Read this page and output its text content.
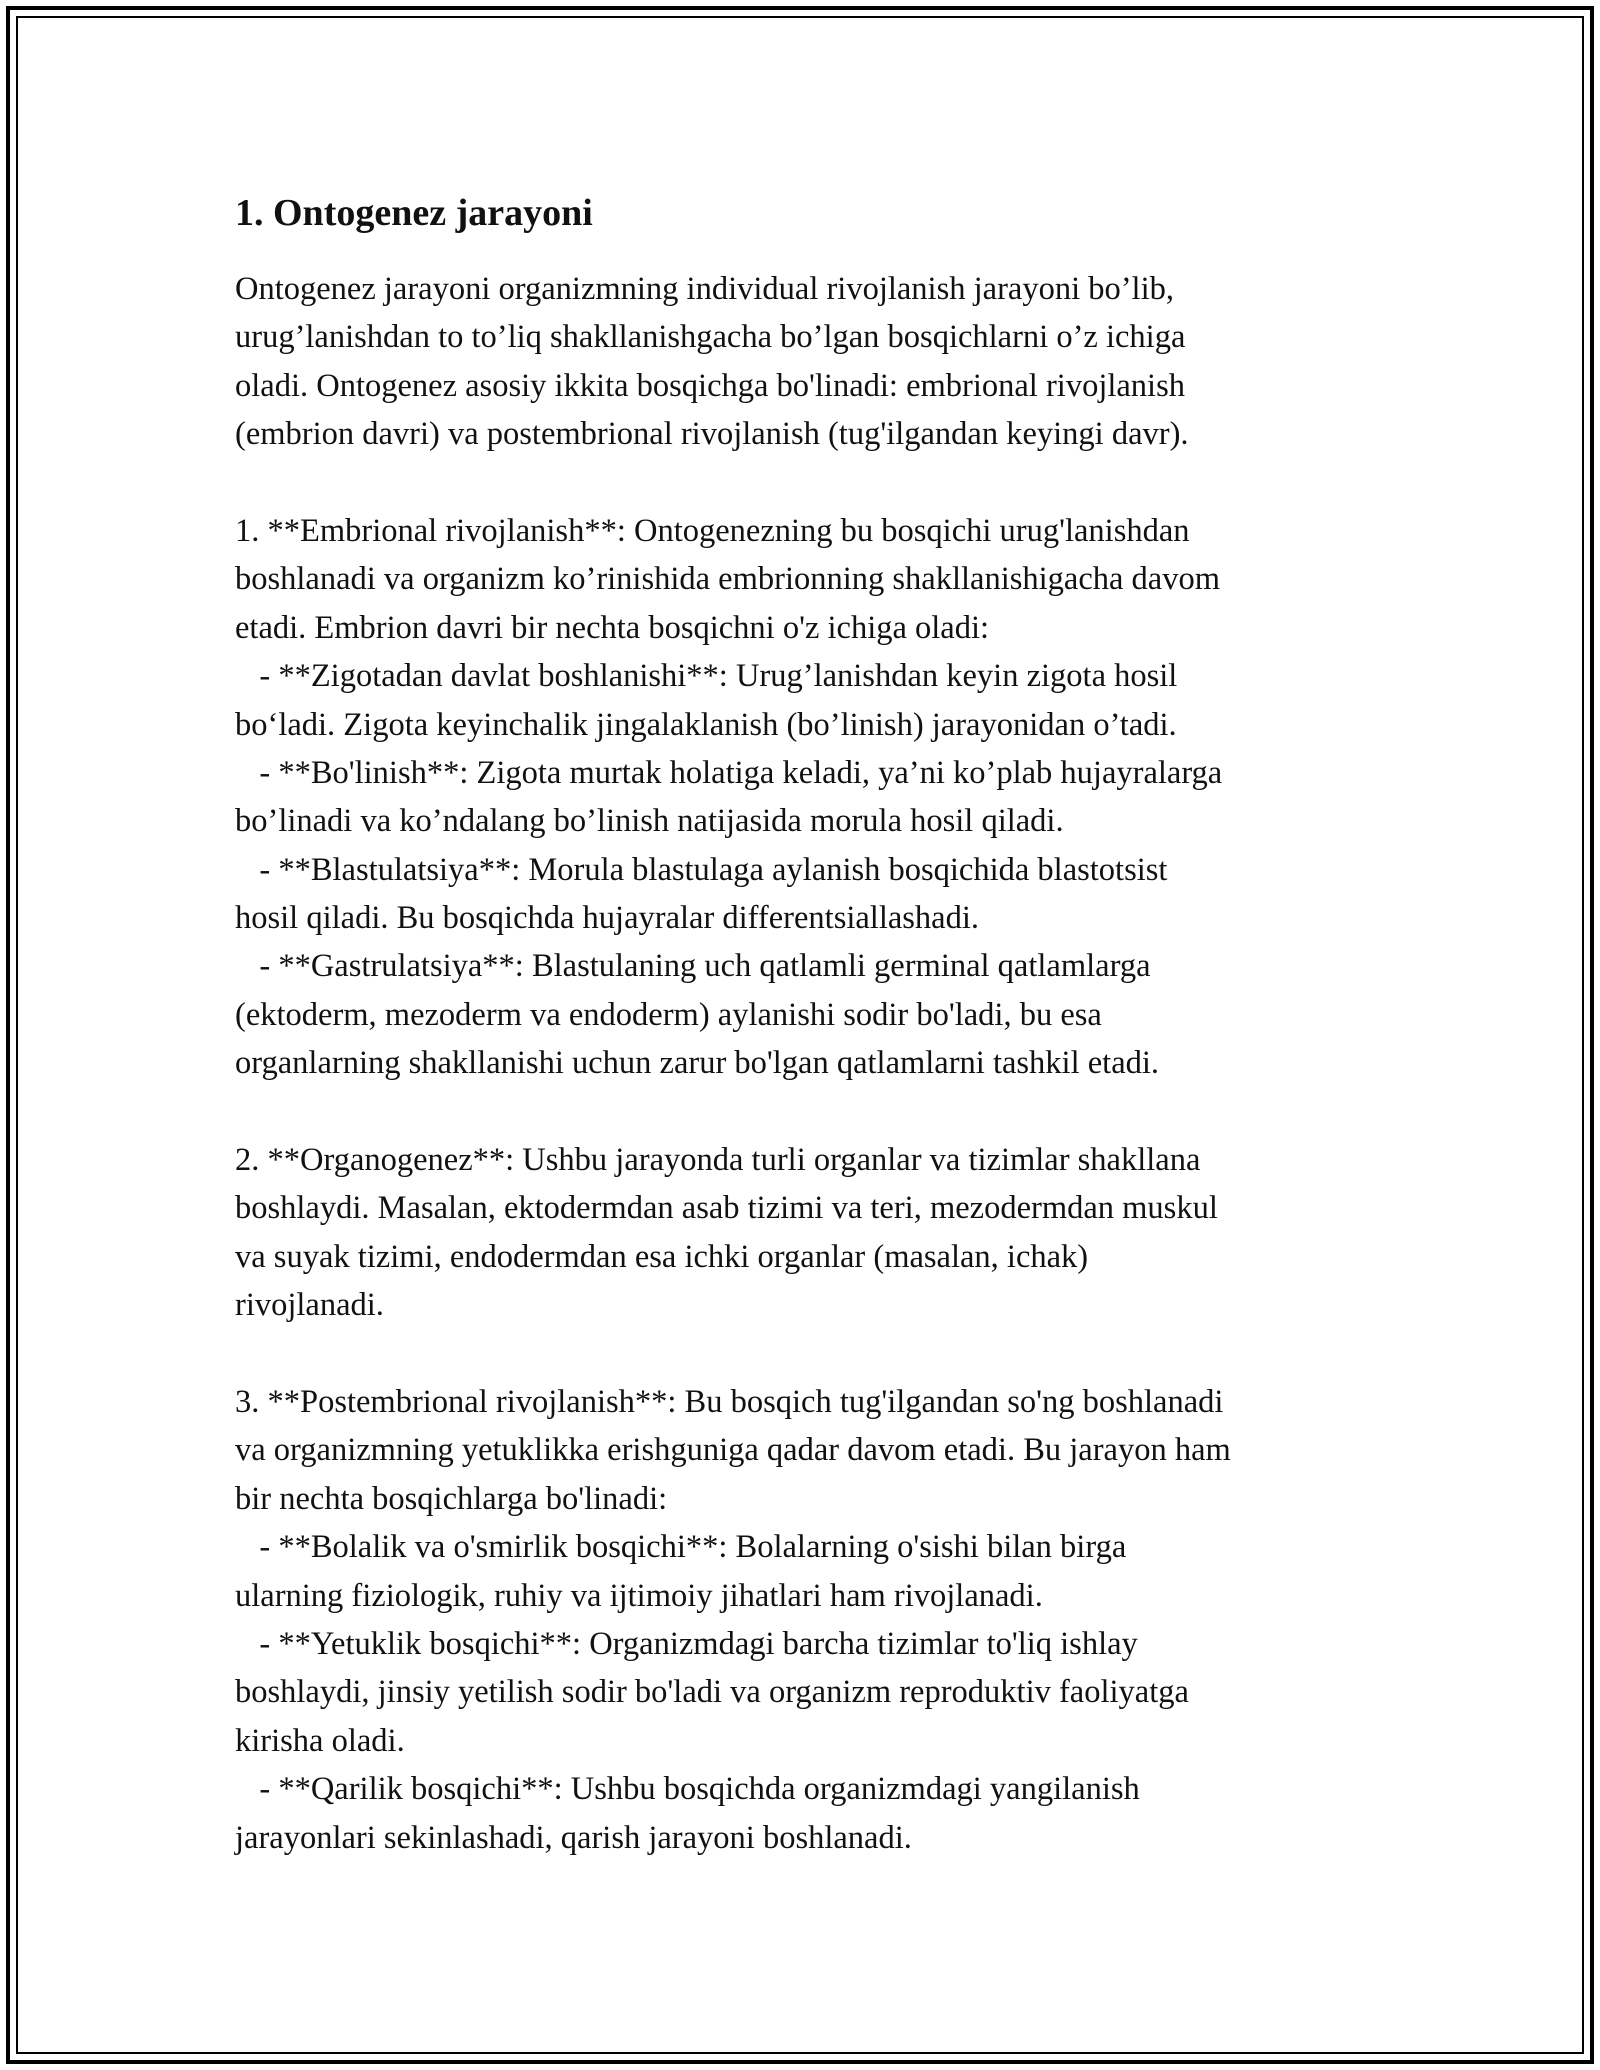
1. Ontogenez jarayoni

Ontogenez jarayoni organizmning individual rivojlanish jarayoni bo’lib,

urug’lanishdan to to’liq shakllanishgacha bo’lgan bosqichlarni o’z ichiga

oladi. Ontogenez asosiy ikkita bosqichga bo'linadi: embrional rivojlanish

(embrion davri) va postembrional rivojlanish (tug'ilgandan keyingi davr).

1. **Embrional rivojlanish**: Ontogenezning bu bosqichi urug'lanishdan

boshlanadi va organizm ko’rinishida embrionning shakllanishigacha davom

etadi. Embrion davri bir nechta bosqichni o'z ichiga oladi:

- **Zigotadan davlat boshlanishi**: Urug’lanishdan keyin zigota hosil

bo‘ladi. Zigota keyinchalik jingalaklanish (bo’linish) jarayonidan o’tadi.

- **Bo'linish**: Zigota murtak holatiga keladi, ya’ni ko’plab hujayralarga

bo’linadi va ko’ndalang bo’linish natijasida morula hosil qiladi.

- **Blastulatsiya**: Morula blastulaga aylanish bosqichida blastotsist

hosil qiladi. Bu bosqichda hujayralar differentsiallashadi.

- **Gastrulatsiya**: Blastulaning uch qatlamli germinal qatlamlarga

(ektoderm, mezoderm va endoderm) aylanishi sodir bo'ladi, bu esa

organlarning shakllanishi uchun zarur bo'lgan qatlamlarni tashkil etadi.

2. **Organogenez**: Ushbu jarayonda turli organlar va tizimlar shakllana

boshlaydi. Masalan, ektodermdan asab tizimi va teri, mezodermdan muskul

va suyak tizimi, endodermdan esa ichki organlar (masalan, ichak)

rivojlanadi.

3. **Postembrional rivojlanish**: Bu bosqich tug'ilgandan so'ng boshlanadi

va organizmning yetuklikka erishguniga qadar davom etadi. Bu jarayon ham

bir nechta bosqichlarga bo'linadi:

- **Bolalik va o'smirlik bosqichi**: Bolalarning o'sishi bilan birga

ularning fiziologik, ruhiy va ijtimoiy jihatlari ham rivojlanadi.

- **Yetuklik bosqichi**: Organizmdagi barcha tizimlar to'liq ishlay

boshlaydi, jinsiy yetilish sodir bo'ladi va organizm reproduktiv faoliyatga

kirisha oladi.

- **Qarilik bosqichi**: Ushbu bosqichda organizmdagi yangilanish

jarayonlari sekinlashadi, qarish jarayoni boshlanadi.
